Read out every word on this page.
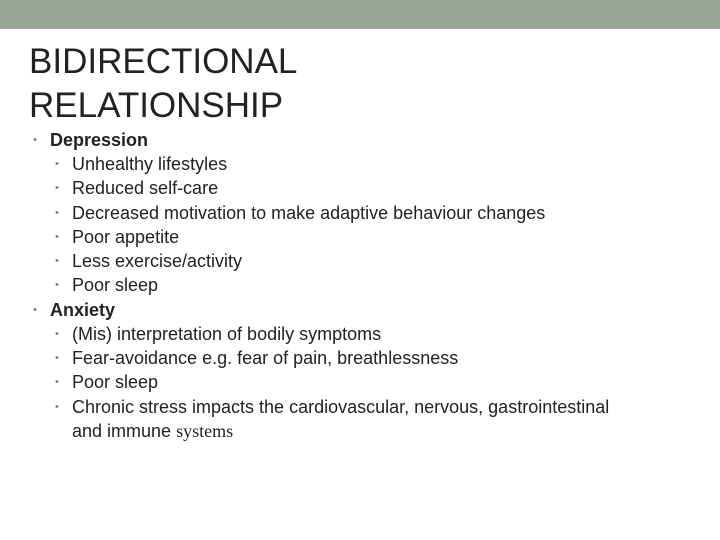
BIDIRECTIONAL
RELATIONSHIP
• Depression
• Unhealthy lifestyles
• Reduced self-care
• Decreased motivation to make adaptive behaviour changes
• Poor appetite
• Less exercise/activity
• Poor sleep
• Anxiety
• (Mis) interpretation of bodily symptoms
• Fear-avoidance e.g. fear of pain, breathlessness
• Poor sleep
• Chronic stress impacts the cardiovascular, nervous, gastrointestinal
and immune systems
